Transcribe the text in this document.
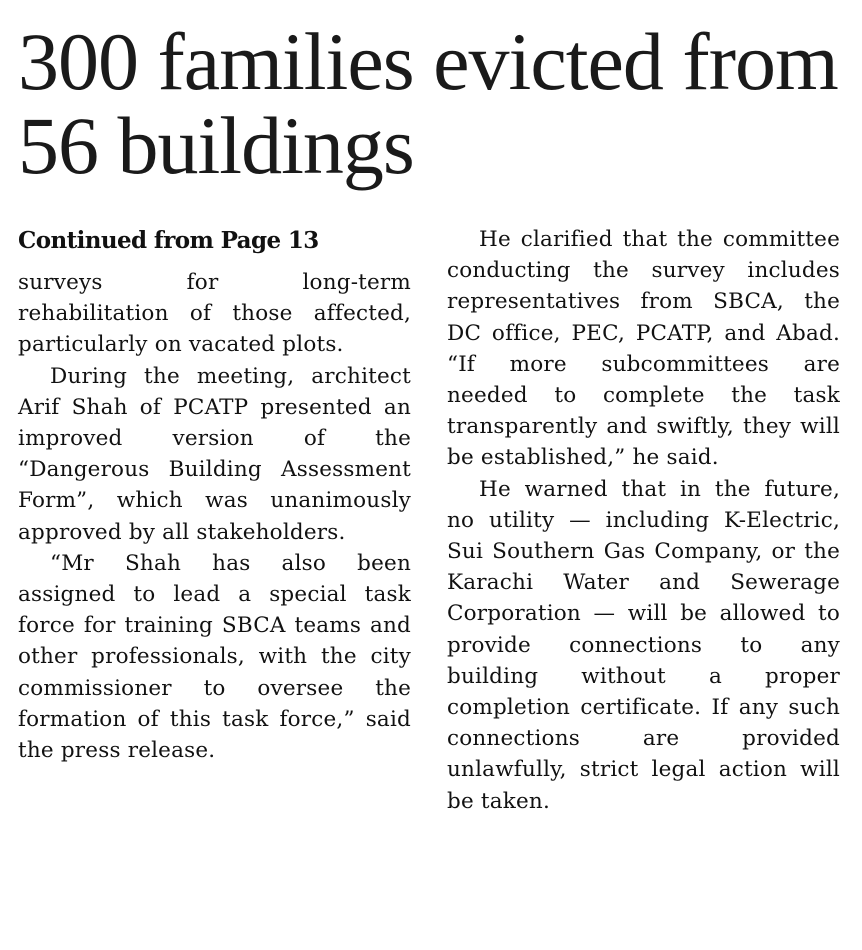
300 families evicted from 56 buildings

Continued from Page 13

surveys for long-term rehabilitation of those affected, particularly on vacated plots.

During the meeting, architect Arif Shah of PCATP presented an improved version of the “Dangerous Building Assessment Form”, which was unanimously approved by all stakeholders.

“Mr Shah has also been assigned to lead a special task force for training SBCA teams and other professionals, with the city commissioner to oversee the formation of this task force,” said the press release.

He clarified that the committee conducting the survey includes representatives from SBCA, the DC office, PEC, PCATP, and Abad. “If more subcommittees are needed to complete the task transparently and swiftly, they will be established,” he said.

He warned that in the future, no utility — including K-Electric, Sui Southern Gas Company, or the Karachi Water and Sewerage Corporation — will be allowed to provide connections to any building without a proper completion certificate. If any such connections are provided unlawfully, strict legal action will be taken.
